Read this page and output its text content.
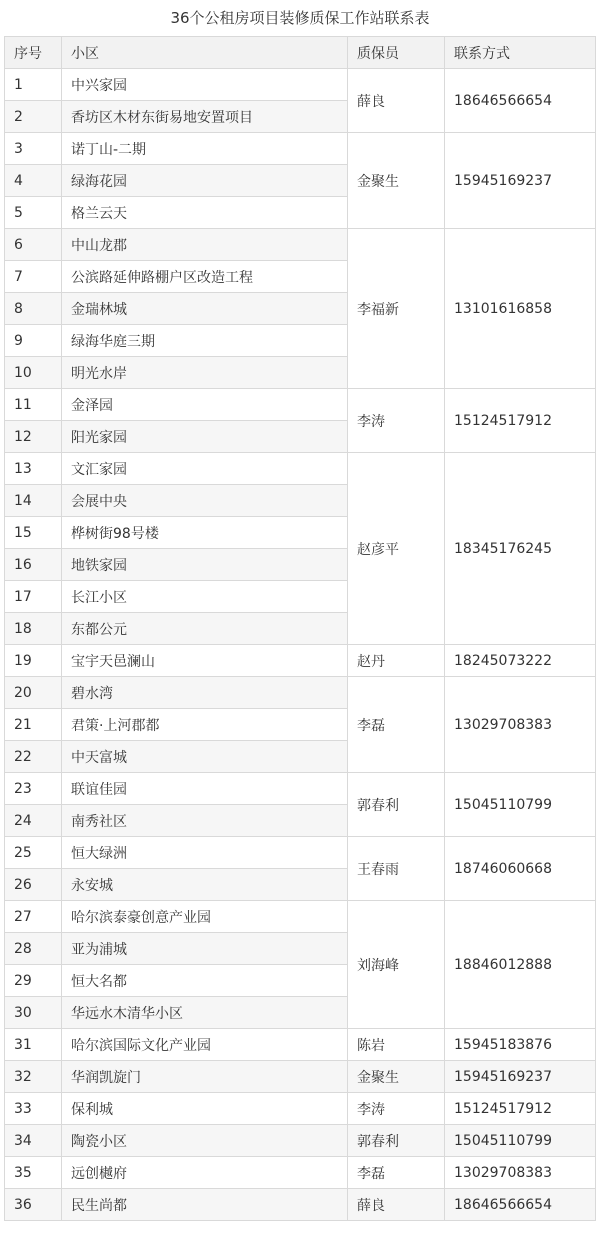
36个公租房项目装修质保工作站联系表
序号	小区	质保员	联系方式
1	中兴家园	薛良	18646566654
2	香坊区木材东街易地安置项目		
3	诺丁山-二期	金聚生	15945169237
4	绿海花园		
5	格兰云天		
6	中山龙郡	李福新	13101616858
7	公滨路延伸路棚户区改造工程		
8	金瑞林城		
9	绿海华庭三期		
10	明光水岸		
11	金泽园	李涛	15124517912
12	阳光家园		
13	文汇家园	赵彦平	18345176245
14	会展中央		
15	桦树街98号楼		
16	地铁家园		
17	长江小区		
18	东都公元		
19	宝宇天邑澜山	赵丹	18245073222
20	碧水湾	李磊	13029708383
21	君策·上河郡都		
22	中天富城		
23	联谊佳园	郭春利	15045110799
24	南秀社区		
25	恒大绿洲	王春雨	18746060668
26	永安城		
27	哈尔滨泰豪创意产业园	刘海峰	18846012888
28	亚为浦城		
29	恒大名都		
30	华远水木清华小区		
31	哈尔滨国际文化产业园	陈岩	15945183876
32	华润凯旋门	金聚生	15945169237
33	保利城	李涛	15124517912
34	陶瓷小区	郭春利	15045110799
35	远创樾府	李磊	13029708383
36	民生尚都	薛良	18646566654
